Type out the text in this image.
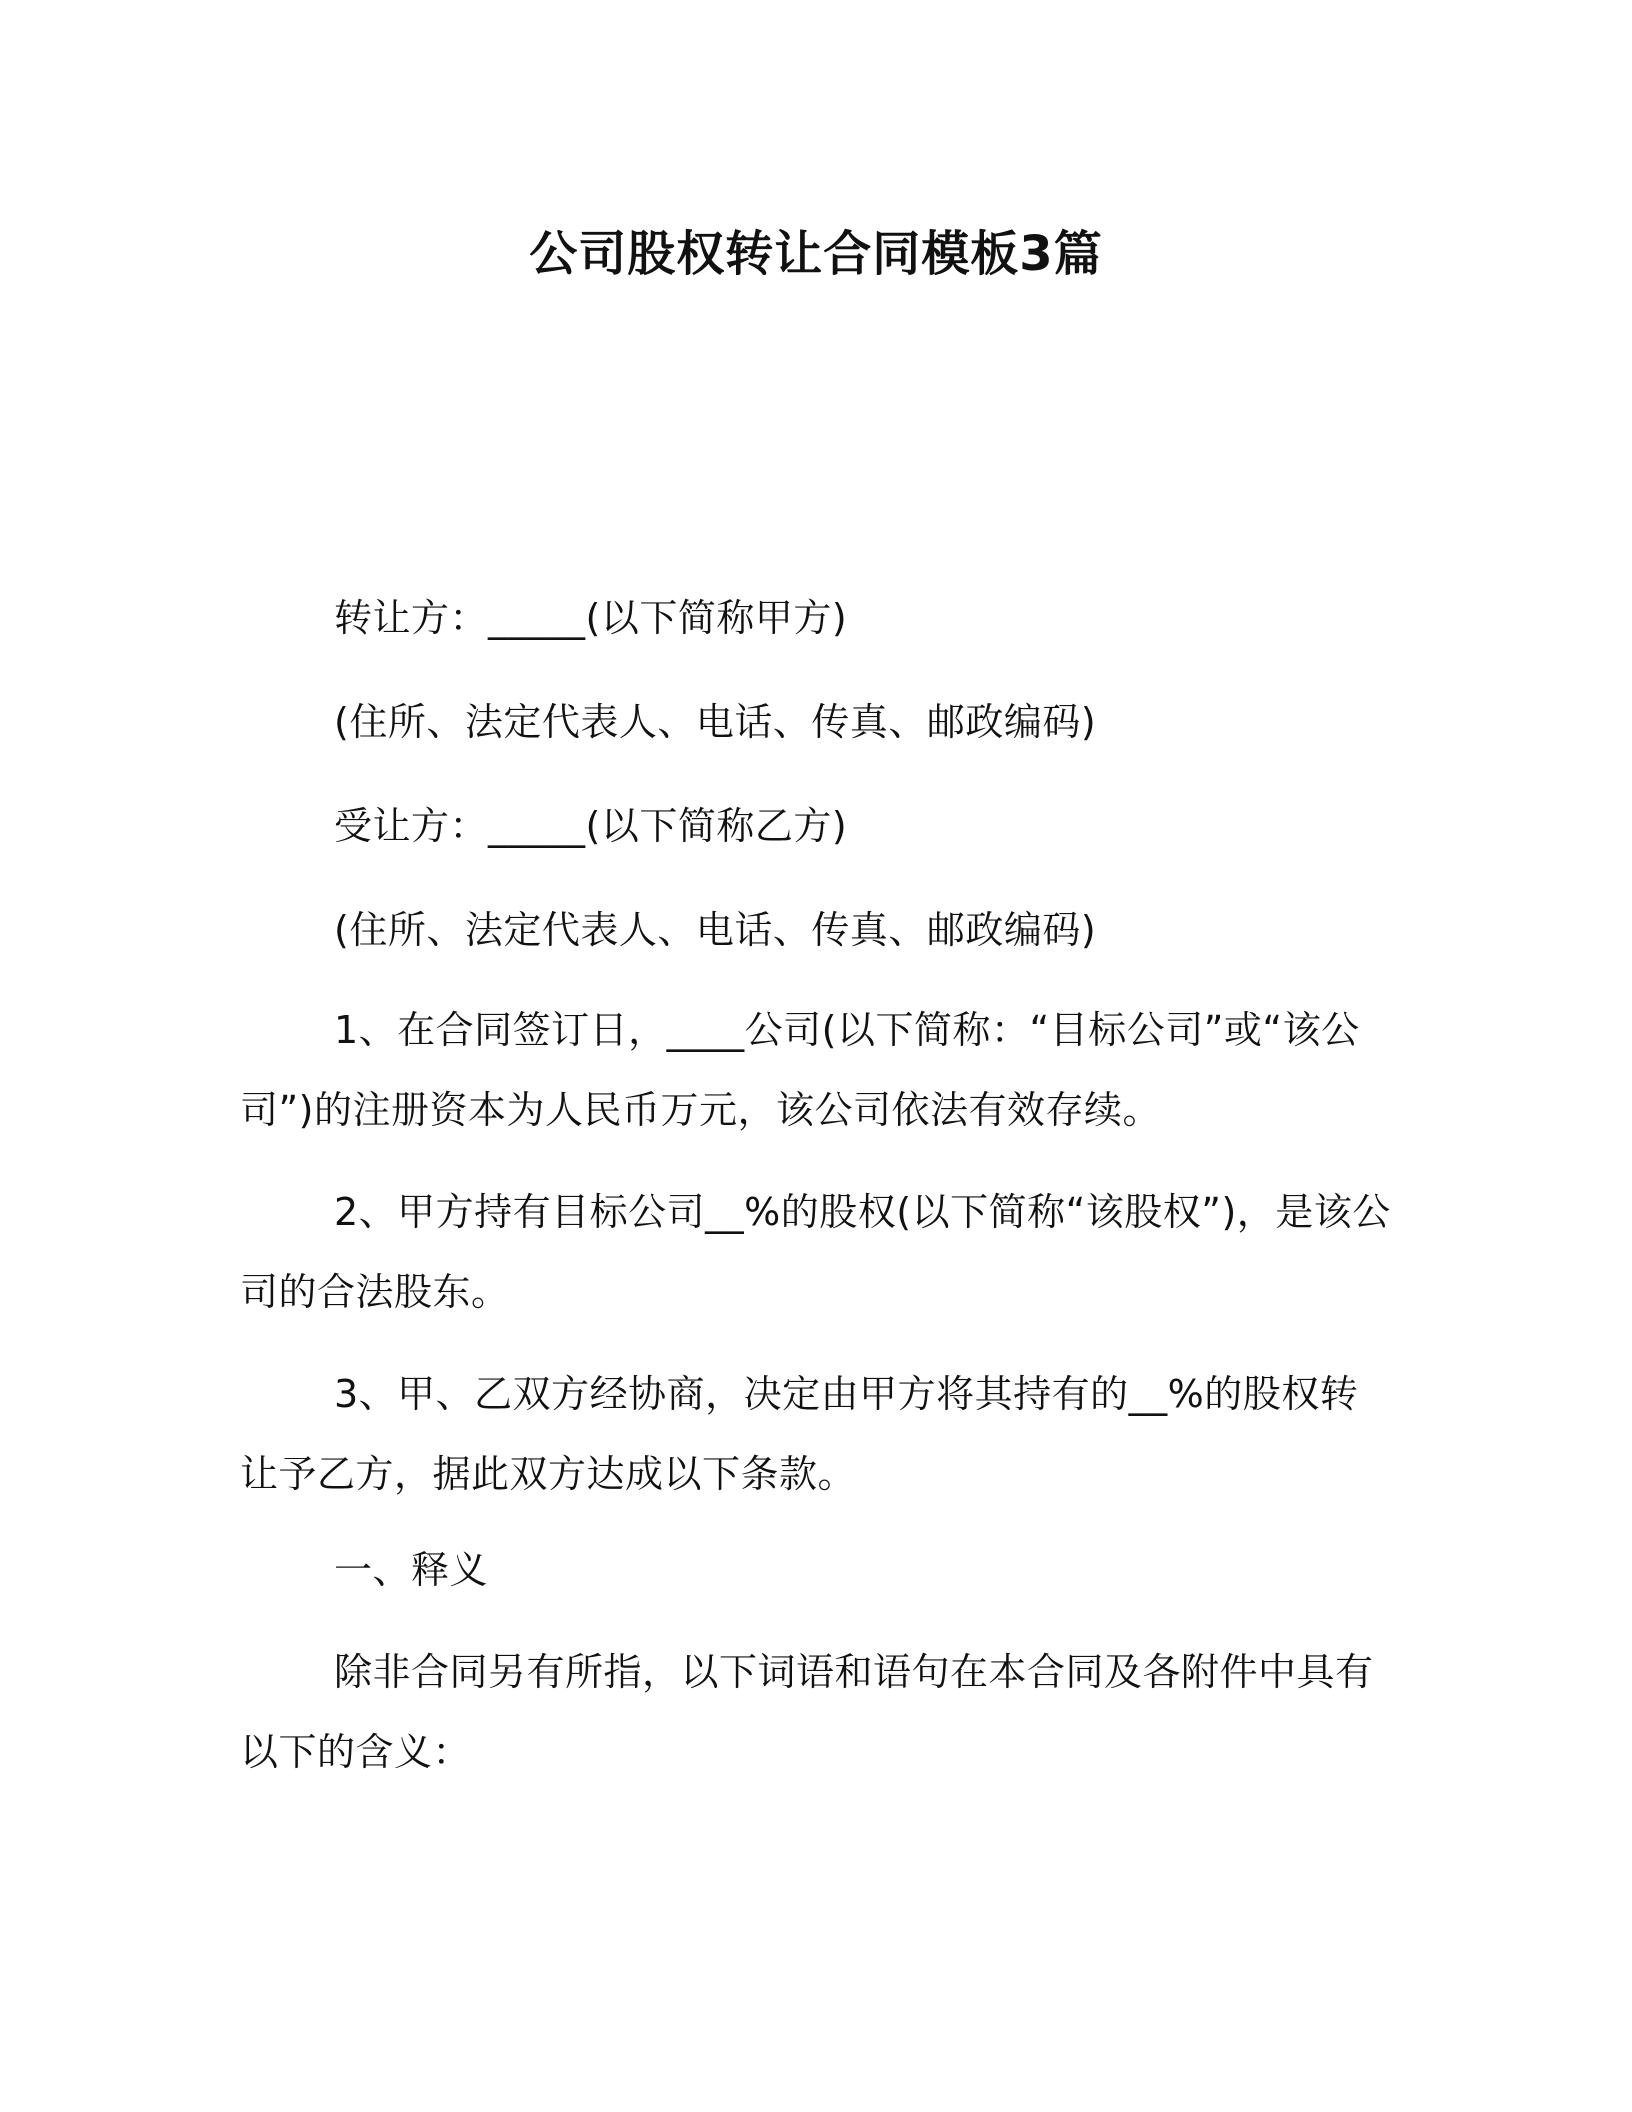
公司股权转让合同模板3篇
转让方：_____(以下简称甲方)
(住所、法定代表人、电话、传真、邮政编码)
受让方：_____(以下简称乙方)
(住所、法定代表人、电话、传真、邮政编码)
1、在合同签订日，____公司(以下简称：“目标公司”或“该公司”)的注册资本为人民币万元，该公司依法有效存续。
2、甲方持有目标公司__%的股权(以下简称“该股权”)，是该公司的合法股东。
3、甲、乙双方经协商，决定由甲方将其持有的__%的股权转让予乙方，据此双方达成以下条款。
一、释义
除非合同另有所指，以下词语和语句在本合同及各附件中具有以下的含义：
